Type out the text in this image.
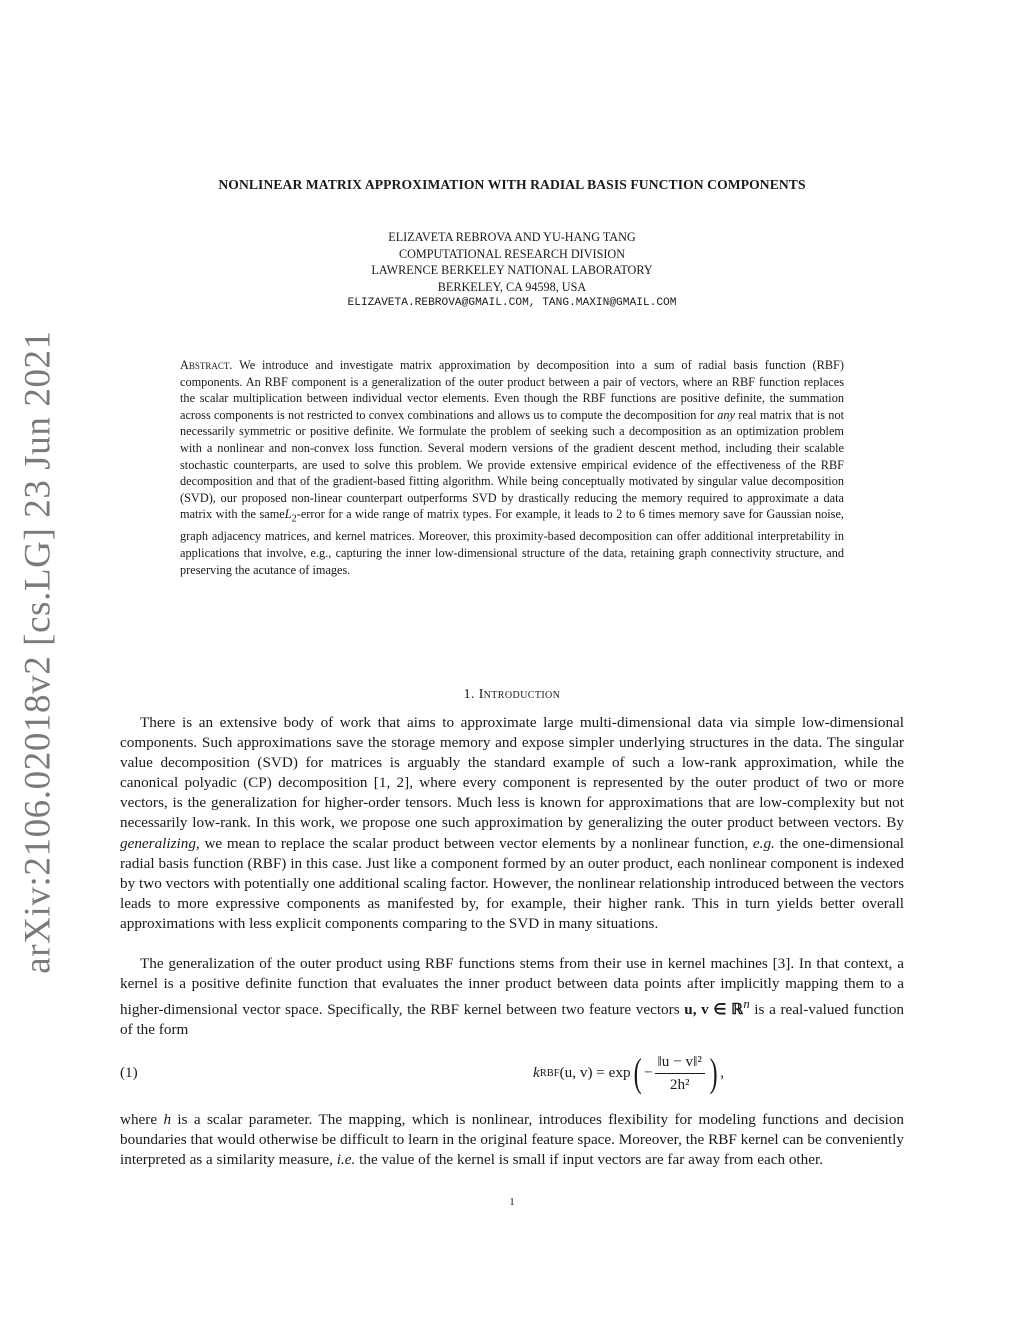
arXiv:2106.02018v2 [cs.LG] 23 Jun 2021
NONLINEAR MATRIX APPROXIMATION WITH RADIAL BASIS FUNCTION COMPONENTS
ELIZAVETA REBROVA AND YU-HANG TANG
COMPUTATIONAL RESEARCH DIVISION
LAWRENCE BERKELEY NATIONAL LABORATORY
BERKELEY, CA 94598, USA
ELIZAVETA.REBROVA@GMAIL.COM, TANG.MAXIN@GMAIL.COM
Abstract. We introduce and investigate matrix approximation by decomposition into a sum of radial basis function (RBF) components. An RBF component is a generalization of the outer product between a pair of vectors, where an RBF function replaces the scalar multiplication between individual vector elements. Even though the RBF functions are positive definite, the summation across components is not restricted to convex combinations and allows us to compute the decomposition for any real matrix that is not necessarily symmetric or positive definite. We formulate the problem of seeking such a decomposition as an optimization problem with a nonlinear and non-convex loss function. Several modern versions of the gradient descent method, including their scalable stochastic counterparts, are used to solve this problem. We provide extensive empirical evidence of the effectiveness of the RBF decomposition and that of the gradient-based fitting algorithm. While being conceptually motivated by singular value decomposition (SVD), our proposed non-linear counterpart outperforms SVD by drastically reducing the memory required to approximate a data matrix with the sameL$_2$-error for a wide range of matrix types. For example, it leads to 2 to 6 times memory save for Gaussian noise, graph adjacency matrices, and kernel matrices. Moreover, this proximity-based decomposition can offer additional interpretability in applications that involve, e.g., capturing the inner low-dimensional structure of the data, retaining graph connectivity structure, and preserving the acutance of images.
1. Introduction

There is an extensive body of work that aims to approximate large multi-dimensional data via simple low-dimensional components. Such approximations save the storage memory and expose simpler underlying structures in the data. The singular value decomposition (SVD) for matrices is arguably the standard example of such a low-rank approximation, while the canonical polyadic (CP) decomposition [1, 2], where every component is represented by the outer product of two or more vectors, is the generalization for higher-order tensors. Much less is known for approximations that are low-complexity but not necessarily low-rank. In this work, we propose one such approximation by generalizing the outer product between vectors. By generalizing, we mean to replace the scalar product between vector elements by a nonlinear function, e.g. the one-dimensional radial basis function (RBF) in this case. Just like a component formed by an outer product, each nonlinear component is indexed by two vectors with potentially one additional scaling factor. However, the nonlinear relationship introduced between the vectors leads to more expressive components as manifested by, for example, their higher rank. This in turn yields better overall approximations with less explicit components comparing to the SVD in many situations.

The generalization of the outer product using RBF functions stems from their use in kernel machines [3]. In that context, a kernel is a positive definite function that evaluates the inner product between data points after implicitly mapping them to a higher-dimensional vector space. Specifically, the RBF kernel between two feature vectors u, v ∈ ℝ$^n$ is a real-valued function of the form

(1)	k RBF (u, v) = exp ( − $\frac{\text{‖u − v‖²}}{\text{2h²}}$ ) ,

where h is a scalar parameter. The mapping, which is nonlinear, introduces flexibility for modeling functions and decision boundaries that would otherwise be difficult to learn in the original feature space. Moreover, the RBF kernel can be conveniently interpreted as a similarity measure, i.e. the value of the kernel is small if input vectors are far away from each other.

1
